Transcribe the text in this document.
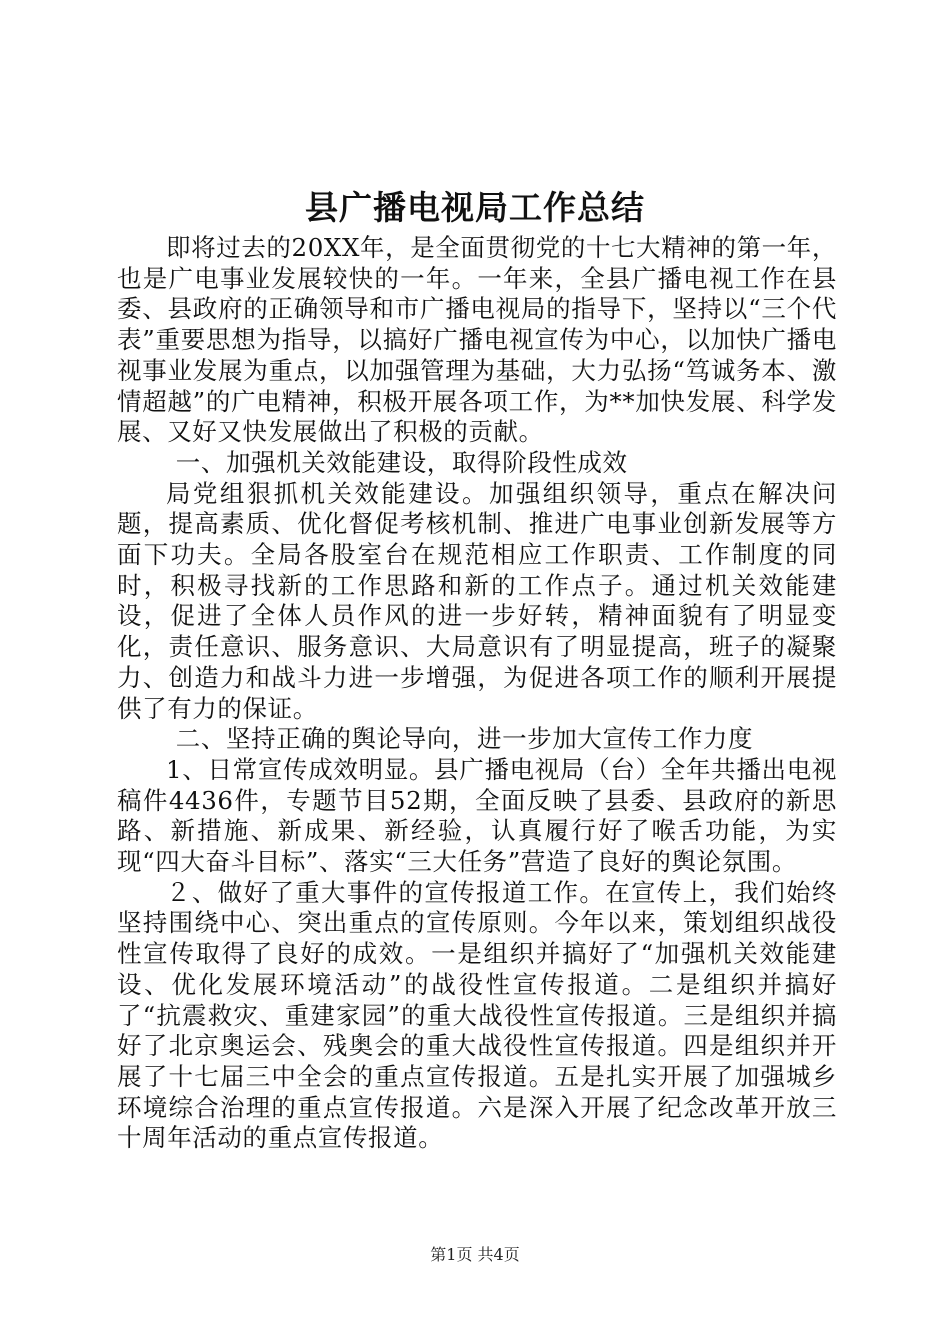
县广播电视局工作总结

即将过去的20XX年，是全面贯彻党的十七大精神的第一年，也是广电事业发展较快的一年。一年来，全县广播电视工作在县委、县政府的正确领导和市广播电视局的指导下，坚持以“三个代表”重要思想为指导，以搞好广播电视宣传为中心，以加快广播电视事业发展为重点，以加强管理为基础，大力弘扬“笃诚务本、激情超越”的广电精神，积极开展各项工作，为**加快发展、科学发展、又好又快发展做出了积极的贡献。

一、加强机关效能建设，取得阶段性成效

局党组狠抓机关效能建设。加强组织领导，重点在解决问题，提高素质、优化督促考核机制、推进广电事业创新发展等方面下功夫。全局各股室台在规范相应工作职责、工作制度的同时，积极寻找新的工作思路和新的工作点子。通过机关效能建设，促进了全体人员作风的进一步好转，精神面貌有了明显变化，责任意识、服务意识、大局意识有了明显提高，班子的凝聚力、创造力和战斗力进一步增强，为促进各项工作的顺利开展提供了有力的保证。

二、坚持正确的舆论导向，进一步加大宣传工作力度

1、日常宣传成效明显。县广播电视局（台）全年共播出电视稿件4436件，专题节目52期，全面反映了县委、县政府的新思路、新措施、新成果、新经验，认真履行好了喉舌功能，为实现“四大奋斗目标”、落实“三大任务”营造了良好的舆论氛围。

２、做好了重大事件的宣传报道工作。在宣传上，我们始终坚持围绕中心、突出重点的宣传原则。今年以来，策划组织战役性宣传取得了良好的成效。一是组织并搞好了“加强机关效能建设、优化发展环境活动”的战役性宣传报道。二是组织并搞好了“抗震救灾、重建家园”的重大战役性宣传报道。三是组织并搞好了北京奥运会、残奥会的重大战役性宣传报道。四是组织并开展了十七届三中全会的重点宣传报道。五是扎实开展了加强城乡环境综合治理的重点宣传报道。六是深入开展了纪念改革开放三十周年活动的重点宣传报道。

第1页 共4页
